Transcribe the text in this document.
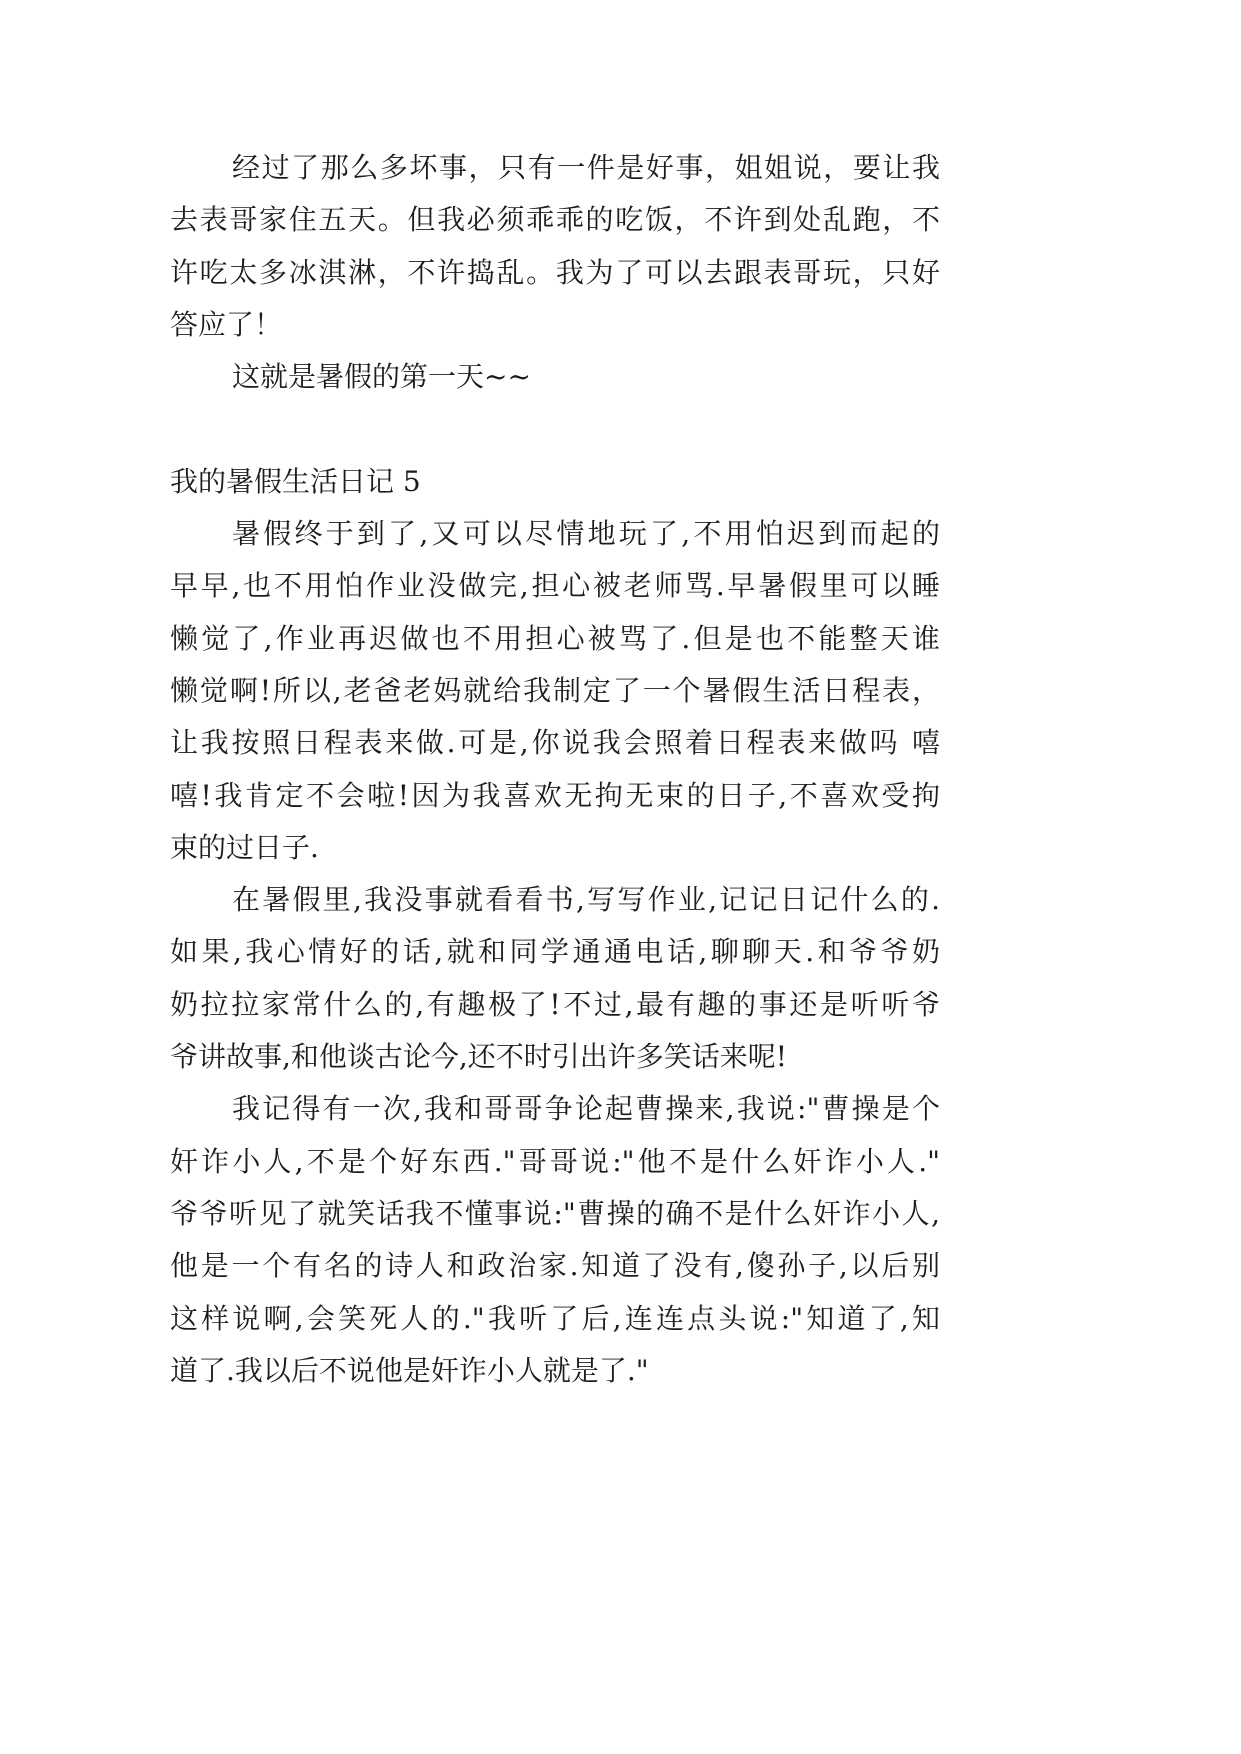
经过了那么多坏事，只有一件是好事，姐姐说，要让我
去表哥家住五天。但我必须乖乖的吃饭，不许到处乱跑，不
许吃太多冰淇淋，不许捣乱。我为了可以去跟表哥玩，只好
答应了！
这就是暑假的第一天~~
我的暑假生活日记 5
暑假终于到了,又可以尽情地玩了,不用怕迟到而起的
早早,也不用怕作业没做完,担心被老师骂.早暑假里可以睡
懒觉了,作业再迟做也不用担心被骂了.但是也不能整天谁
懒觉啊!所以,老爸老妈就给我制定了一个暑假生活日程表，
让我按照日程表来做.可是,你说我会照着日程表来做吗 嘻
嘻!我肯定不会啦!因为我喜欢无拘无束的日子,不喜欢受拘
束的过日子.
在暑假里,我没事就看看书,写写作业,记记日记什么的.
如果,我心情好的话,就和同学通通电话,聊聊天.和爷爷奶
奶拉拉家常什么的,有趣极了!不过,最有趣的事还是听听爷
爷讲故事,和他谈古论今,还不时引出许多笑话来呢!
我记得有一次,我和哥哥争论起曹操来,我说:"曹操是个
奸诈小人,不是个好东西."哥哥说:"他不是什么奸诈小人."
爷爷听见了就笑话我不懂事说:"曹操的确不是什么奸诈小人,
他是一个有名的诗人和政治家.知道了没有,傻孙子,以后别
这样说啊,会笑死人的."我听了后,连连点头说:"知道了,知
道了.我以后不说他是奸诈小人就是了."
